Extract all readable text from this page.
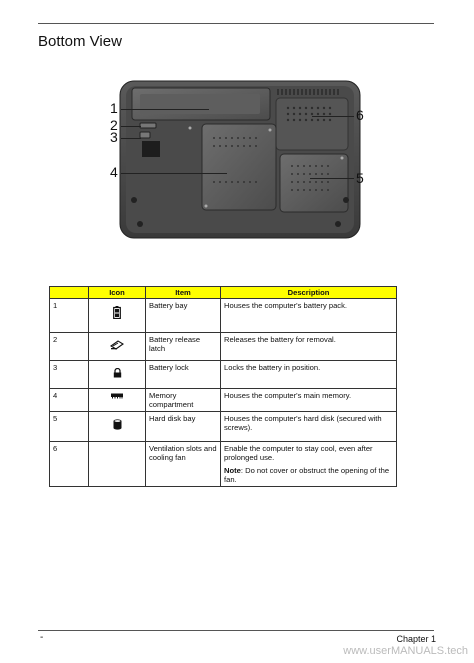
Bottom View
1
2
3
4	5
6
	Icon	Item	Description
1		Battery bay	Houses the computer's battery pack.
2		Battery release latch	Releases the battery for removal.
3		Battery lock	Locks the battery in position.
4		Memory compartment	Houses the computer's main memory.
5		Hard disk bay	Houses the computer's hard disk (secured with screws).
6		Ventilation slots and cooling fan	Enable the computer to stay cool, even after prolonged use.
Note: Do not cover or obstruct the opening of the fan.
-	Chapter 1
www.userMANUALS.tech
